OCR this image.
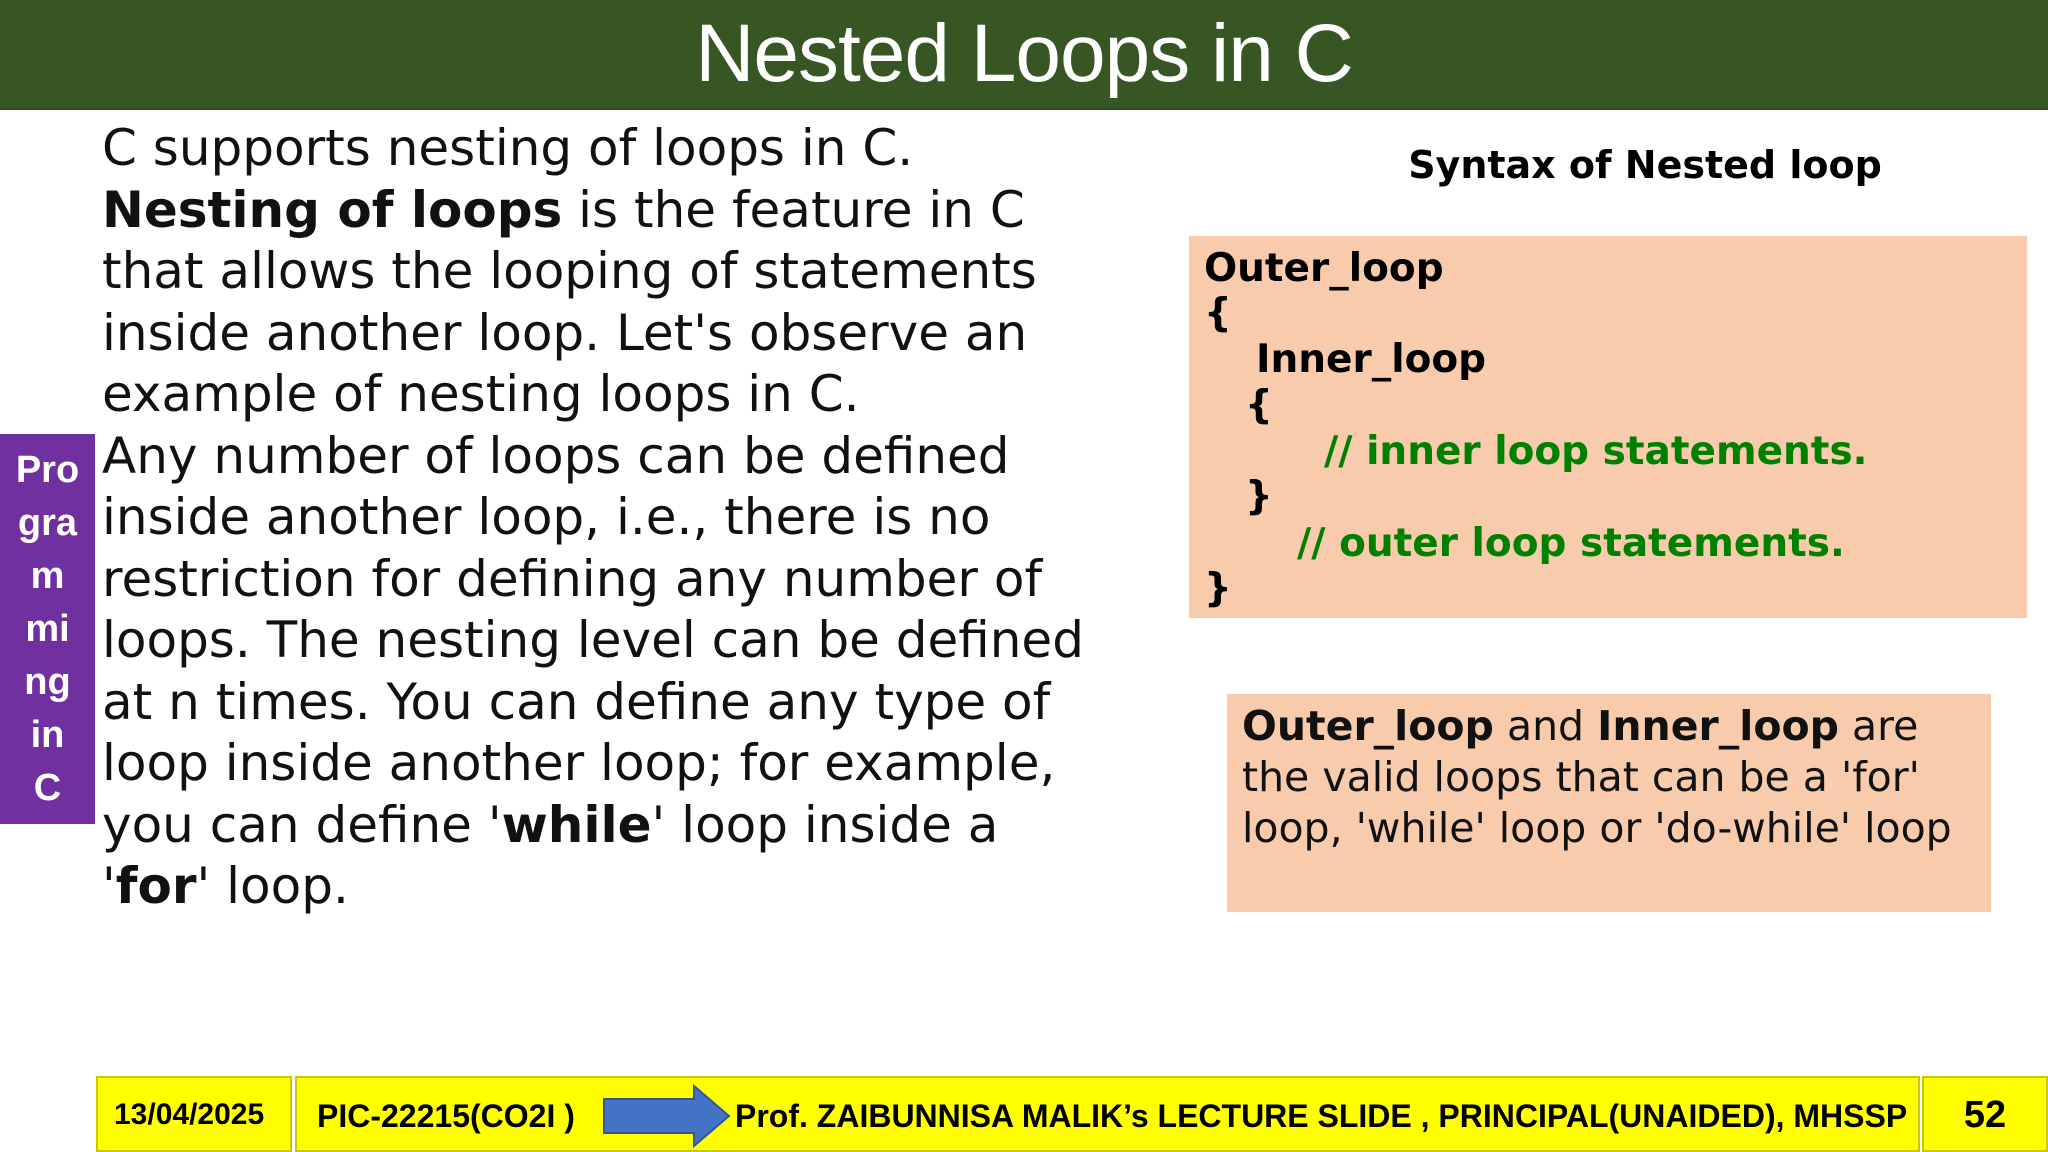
Nested Loops in C
Pro
gra
m
mi
ng
in
C

C supports nesting of loops in C. Nesting of loops is the feature in C that allows the looping of statements inside another loop. Let's observe an example of nesting loops in C.

Any number of loops can be defined inside another loop, i.e., there is no restriction for defining any number of loops. The nesting level can be defined at n times. You can define any type of loop inside another loop; for example, you can define 'while' loop inside a 'for' loop.

Syntax of Nested loop
Outer_loop
{
Inner_loop
{
// inner loop statements.
}
// outer loop statements.
}
Outer_loop and Inner_loop are the valid loops that can be a 'for' loop, 'while' loop or 'do-while' loop
13/04/2025	PIC-22215(CO2I )	Prof. ZAIBUNNISA MALIK’s LECTURE SLIDE , PRINCIPAL(UNAIDED), MHSSP	52
